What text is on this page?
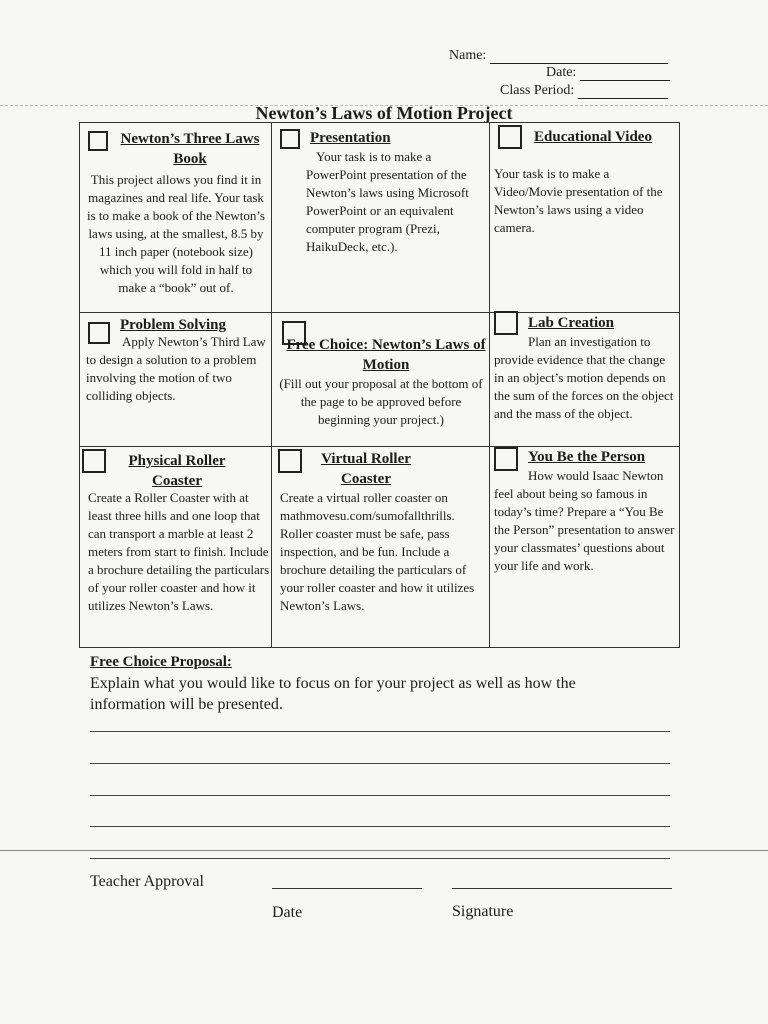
Name:
Date:
Class Period:
Newton’s Laws of Motion Project
Newton’s Three Laws Book
This project allows you find it in magazines and real life. Your task is to make a book of the Newton’s laws using, at the smallest, 8.5 by 11 inch paper (notebook size) which you will fold in half to make a “book” out of.
Presentation
Your task is to make a PowerPoint presentation of the Newton’s laws using Microsoft PowerPoint or an equivalent computer program (Prezi, HaikuDeck, etc.).
Educational Video
Your task is to make a Video/Movie presentation of the Newton’s laws using a video camera.
Problem Solving
Apply Newton’s Third Law to design a solution to a problem involving the motion of two colliding objects.
Free Choice: Newton’s Laws of Motion
(Fill out your proposal at the bottom of the page to be approved before beginning your project.)
Lab Creation
Plan an investigation to provide evidence that the change in an object’s motion depends on the sum of the forces on the object and the mass of the object.
Physical Roller Coaster
Create a Roller Coaster with at least three hills and one loop that can transport a marble at least 2 meters from start to finish. Include a brochure detailing the particulars of your roller coaster and how it utilizes Newton’s Laws.
Virtual Roller Coaster
Create a virtual roller coaster on mathmovesu.com/sumofallthrills. Roller coaster must be safe, pass inspection, and be fun. Include a brochure detailing the particulars of your roller coaster and how it utilizes Newton’s Laws.
You Be the Person
How would Isaac Newton feel about being so famous in today’s time? Prepare a “You Be the Person” presentation to answer your classmates’ questions about your life and work.
Free Choice Proposal:
Explain what you would like to focus on for your project as well as how the information will be presented.
Teacher Approval
Date	Signature
